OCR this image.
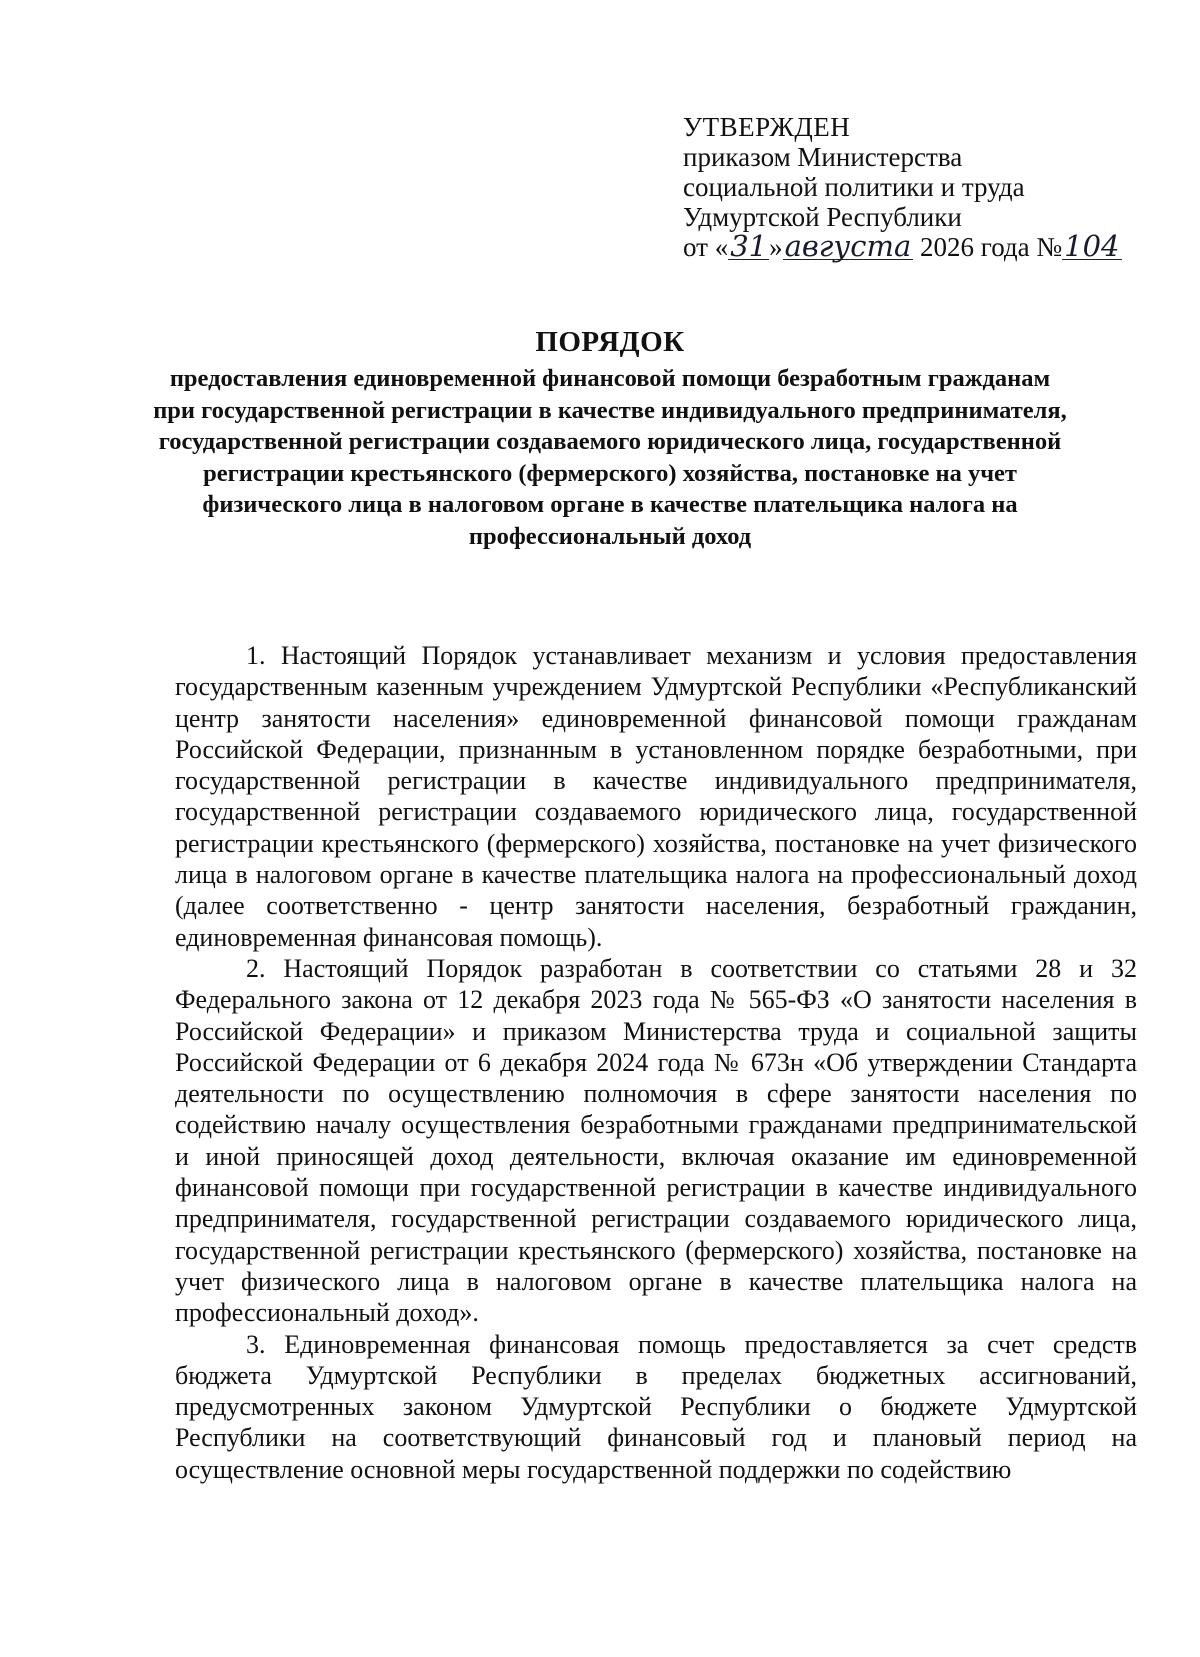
УТВЕРЖДЕН
приказом Министерства
социальной политики и труда
Удмуртской Республики
от «31»августа 2026 года №104
ПОРЯДОК
предоставления единовременной финансовой помощи безработным гражданам при государственной регистрации в качестве индивидуального предпринимателя, государственной регистрации создаваемого юридического лица, государственной регистрации крестьянского (фермерского) хозяйства, постановке на учет физического лица в налоговом органе в качестве плательщика налога на профессиональный доход

1. Настоящий Порядок устанавливает механизм и условия предоставления государственным казенным учреждением Удмуртской Республики «Республиканский центр занятости населения» единовременной финансовой помощи гражданам Российской Федерации, признанным в установленном порядке безработными, при государственной регистрации в качестве индивидуального предпринимателя, государственной регистрации создаваемого юридического лица, государственной регистрации крестьянского (фермерского) хозяйства, постановке на учет физического лица в налоговом органе в качестве плательщика налога на профессиональный доход (далее соответственно - центр занятости населения, безработный гражданин, единовременная финансовая помощь).

2. Настоящий Порядок разработан в соответствии со статьями 28 и 32 Федерального закона от 12 декабря 2023 года № 565-ФЗ «О занятости населения в Российской Федерации» и приказом Министерства труда и социальной защиты Российской Федерации от 6 декабря 2024 года № 673н «Об утверждении Стандарта деятельности по осуществлению полномочия в сфере занятости населения по содействию началу осуществления безработными гражданами предпринимательской и иной приносящей доход деятельности, включая оказание им единовременной финансовой помощи при государственной регистрации в качестве индивидуального предпринимателя, государственной регистрации создаваемого юридического лица, государственной регистрации крестьянского (фермерского) хозяйства, постановке на учет физического лица в налоговом органе в качестве плательщика налога на профессиональный доход».

3. Единовременная финансовая помощь предоставляется за счет средств бюджета Удмуртской Республики в пределах бюджетных ассигнований, предусмотренных законом Удмуртской Республики о бюджете Удмуртской Республики на соответствующий финансовый год и плановый период на осуществление основной меры государственной поддержки по содействию
